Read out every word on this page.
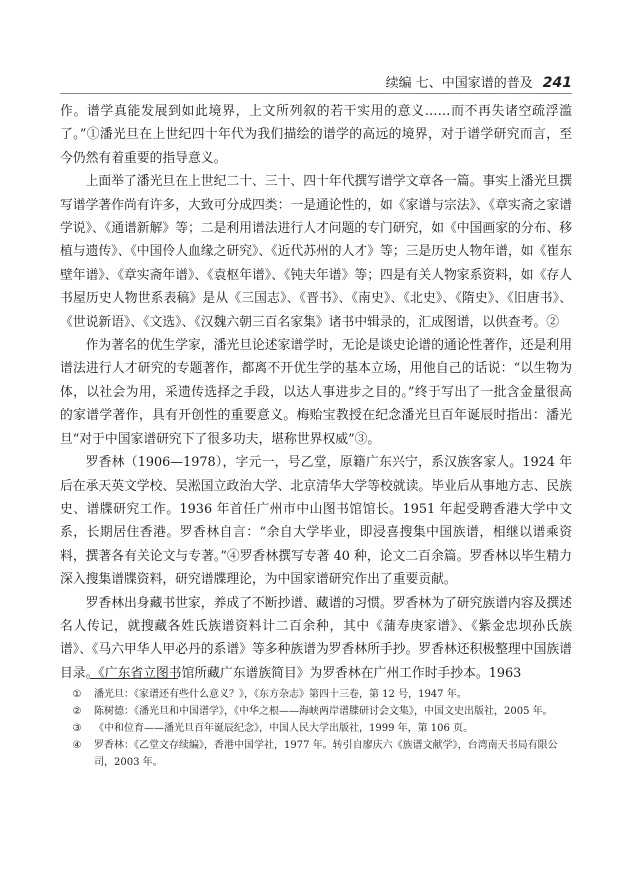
续编 七、中国家谱的普及 241

作。谱学真能发展到如此境界，上文所列叙的若干实用的意义……而不再失诸空疏浮滥了。”①潘光旦在上世纪四十年代为我们描绘的谱学的高远的境界，对于谱学研究而言，至今仍然有着重要的指导意义。

上面举了潘光旦在上世纪二十、三十、四十年代撰写谱学文章各一篇。事实上潘光旦撰写谱学著作尚有许多，大致可分成四类：一是通论性的，如《家谱与宗法》、《章实斋之家谱学说》、《通谱新解》等；二是利用谱法进行人才问题的专门研究，如《中国画家的分布、移植与遗传》、《中国伶人血缘之研究》、《近代苏州的人才》等；三是历史人物年谱，如《崔东壁年谱》、《章实斋年谱》、《袁枢年谱》、《钝夫年谱》等；四是有关人物家系资料，如《存人书屋历史人物世系表稿》是从《三国志》、《晋书》、《南史》、《北史》、《隋史》、《旧唐书》、《世说新语》、《文选》、《汉魏六朝三百名家集》诸书中辑录的，汇成图谱，以供查考。②

作为著名的优生学家，潘光旦论述家谱学时，无论是谈史论谱的通论性著作，还是利用谱法进行人才研究的专题著作，都离不开优生学的基本立场，用他自己的话说：“以生物为体，以社会为用，采遗传选择之手段，以达人事进步之目的。”终于写出了一批含金量很高的家谱学著作，具有开创性的重要意义。梅贻宝教授在纪念潘光旦百年诞辰时指出：潘光旦“对于中国家谱研究下了很多功夫，堪称世界权威”③。

罗香林（1906—1978），字元一，号乙堂，原籍广东兴宁，系汉族客家人。1924 年后在承天英文学校、吴淞国立政治大学、北京清华大学等校就读。毕业后从事地方志、民族史、谱牒研究工作。1936 年首任广州市中山图书馆馆长。1951 年起受聘香港大学中文系，长期居住香港。罗香林自言：“余自大学毕业，即浸喜搜集中国族谱，相继以谱乘资料，撰著各有关论文与专著。”④罗香林撰写专著 40 种，论文二百余篇。罗香林以毕生精力深入搜集谱牒资料，研究谱牒理论，为中国家谱研究作出了重要贡献。

罗香林出身藏书世家，养成了不断抄谱、藏谱的习惯。罗香林为了研究族谱内容及撰述名人传记，就搜藏各姓氏族谱资料计二百余种，其中《蒲寿庚家谱》、《紫金忠坝孙氏族谱》、《马六甲华人甲必丹的系谱》等多种族谱为罗香林所手抄。罗香林还积极整理中国族谱目录。《广东省立图书馆所藏广东谱族简目》为罗香林在广州工作时手抄本。1963

①	潘光旦：《家谱还有些什么意义？》，《东方杂志》第四十三卷，第 12 号，1947 年。
②	陈树德：《潘光旦和中国谱学》，《中华之根——海峡两岸谱牒研讨会文集》，中国文史出版社，2005 年。
③	《中和位育——潘光旦百年诞辰纪念》，中国人民大学出版社，1999 年，第 106 页。
④	罗香林：《乙堂文存续编》，香港中国学社，1977 年。转引自廖庆六《族谱文献学》，台湾南天书局有限公司，2003 年。
